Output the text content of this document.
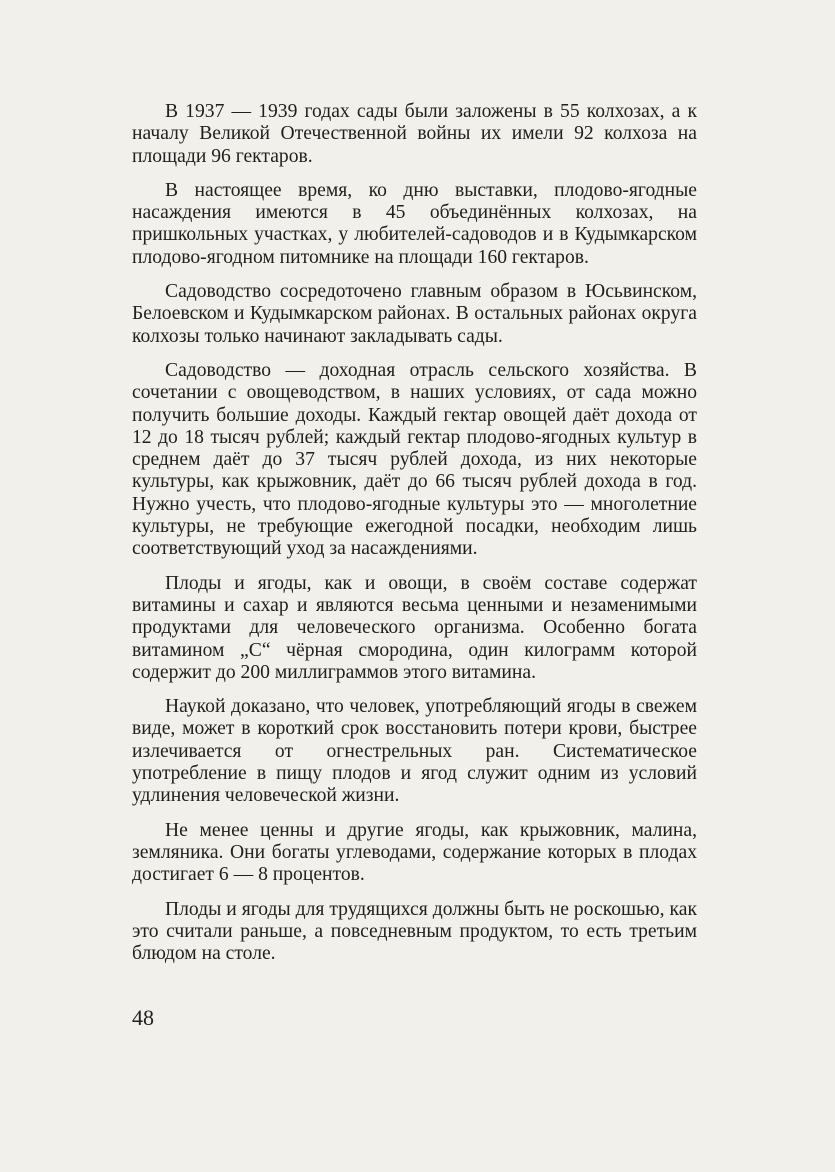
В 1937 — 1939 годах сады были заложены в 55 колхозах, а к началу Великой Отечественной войны их имели 92 колхоза на площади 96 гектаров.

В настоящее время, ко дню выставки, плодово-ягодные насаждения имеются в 45 объединённых колхозах, на пришкольных участках, у любителей-садоводов и в Кудымкарском плодово-ягодном питомнике на площади 160 гектаров.

Садоводство сосредоточено главным образом в Юсьвинском, Белоевском и Кудымкарском районах. В остальных районах округа колхозы только начинают закладывать сады.

Садоводство — доходная отрасль сельского хозяйства. В сочетании с овощеводством, в наших условиях, от сада можно получить большие доходы. Каждый гектар овощей даёт дохода от 12 до 18 тысяч рублей; каждый гектар плодово-ягодных культур в среднем даёт до 37 тысяч рублей дохода, из них некоторые культуры, как крыжовник, даёт до 66 тысяч рублей дохода в год. Нужно учесть, что плодово-ягодные культуры это — многолетние культуры, не требующие ежегодной посадки, необходим лишь соответствующий уход за насаждениями.

Плоды и ягоды, как и овощи, в своём составе содержат витамины и сахар и являются весьма ценными и незаменимыми продуктами для человеческого организма. Особенно богата витамином „С“ чёрная смородина, один килограмм которой содержит до 200 миллиграммов этого витамина.

Наукой доказано, что человек, употребляющий ягоды в свежем виде, может в короткий срок восстановить потери крови, быстрее излечивается от огнестрельных ран. Систематическое употребление в пищу плодов и ягод служит одним из условий удлинения человеческой жизни.

Не менее ценны и другие ягоды, как крыжовник, малина, земляника. Они богаты углеводами, содержание которых в плодах достигает 6 — 8 процентов.

Плоды и ягоды для трудящихся должны быть не роскошью, как это считали раньше, а повседневным продуктом, то есть третьим блюдом на столе.

48
